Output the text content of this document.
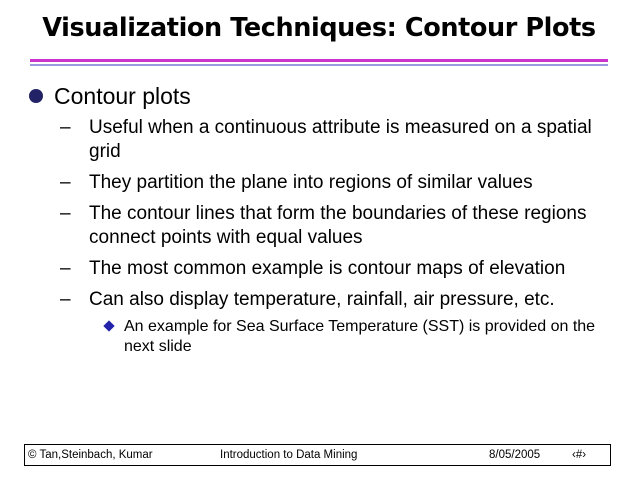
Visualization Techniques: Contour Plots
Contour plots
– Useful when a continuous attribute is measured on a spatial grid
– They partition the plane into regions of similar values
– The contour lines that form the boundaries of these regions connect points with equal values
– The most common example is contour maps of elevation
– Can also display temperature, rainfall, air pressure, etc.
An example for Sea Surface Temperature (SST) is provided on the next slide
© Tan,Steinbach, Kumar	Introduction to Data Mining	8/05/2005	‹#›
